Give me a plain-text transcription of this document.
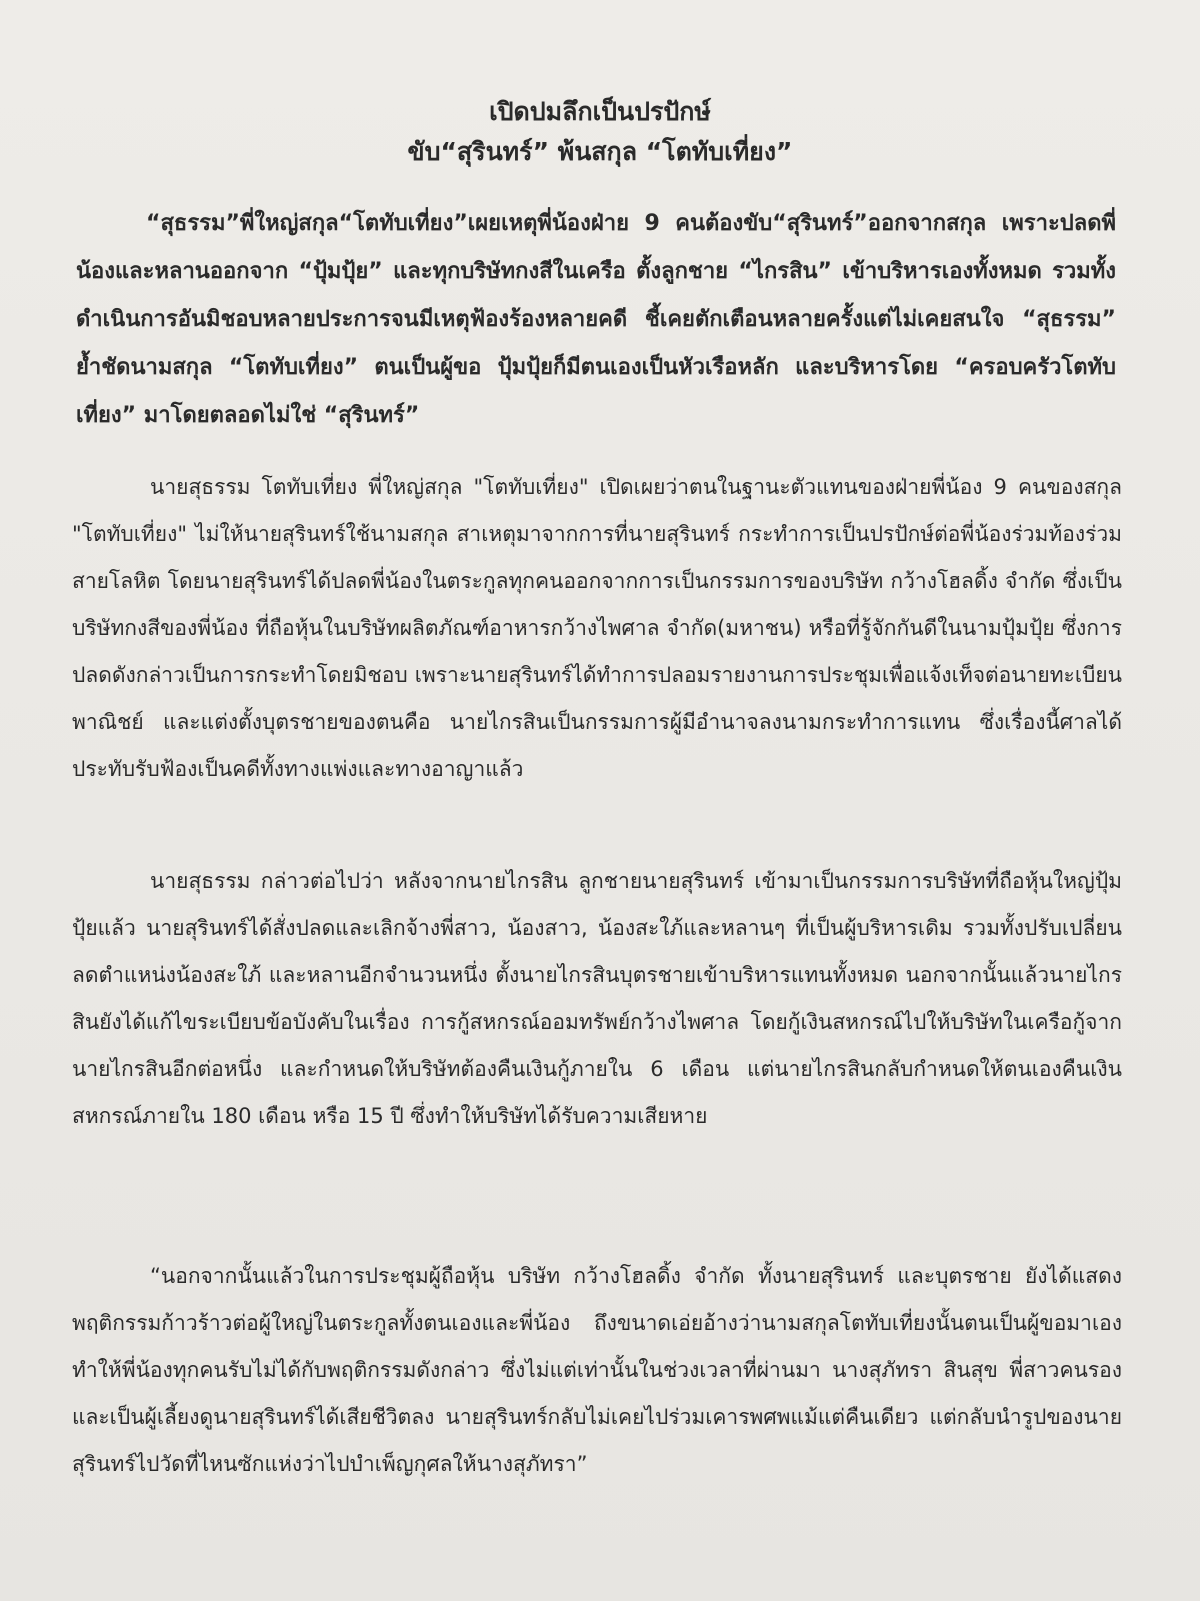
เปิดปมลึกเป็นปรปักษ์
ขับ“สุรินทร์” พ้นสกุล “โตทับเที่ยง”
“สุธรรม”พี่ใหญ่สกุล“โตทับเที่ยง”เผยเหตุพี่น้องฝ่าย 9 คนต้องขับ“สุรินทร์”ออกจากสกุล เพราะปลดพี่น้องและหลานออกจาก “ปุ้มปุ้ย” และทุกบริษัทกงสีในเครือ ตั้งลูกชาย “ไกรสิน” เข้าบริหารเองทั้งหมด รวมทั้งดำเนินการอันมิชอบหลายประการจนมีเหตุฟ้องร้องหลายคดี ชี้เคยตักเตือนหลายครั้งแต่ไม่เคยสนใจ “สุธรรม” ย้ำชัดนามสกุล “โตทับเที่ยง” ตนเป็นผู้ขอ ปุ้มปุ้ยก็มีตนเองเป็นหัวเรือหลัก และบริหารโดย “ครอบครัวโตทับเที่ยง” มาโดยตลอดไม่ใช่ “สุรินทร์”
นายสุธรรม โตทับเที่ยง พี่ใหญ่สกุล "โตทับเที่ยง" เปิดเผยว่าตนในฐานะตัวแทนของฝ่ายพี่น้อง 9 คนของสกุล "โตทับเที่ยง" ไม่ให้นายสุรินทร์ใช้นามสกุล สาเหตุมาจากการที่นายสุรินทร์ กระทำการเป็นปรปักษ์ต่อพี่น้องร่วมท้องร่วมสายโลหิต โดยนายสุรินทร์ได้ปลดพี่น้องในตระกูลทุกคนออกจากการเป็นกรรมการของบริษัท กว้างโฮลดิ้ง จำกัด ซึ่งเป็นบริษัทกงสีของพี่น้อง ที่ถือหุ้นในบริษัทผลิตภัณฑ์อาหารกว้างไพศาล จำกัด(มหาชน) หรือที่รู้จักกันดีในนามปุ้มปุ้ย ซึ่งการปลดดังกล่าวเป็นการกระทำโดยมิชอบ เพราะนายสุรินทร์ได้ทำการปลอมรายงานการประชุมเพื่อแจ้งเท็จต่อนายทะเบียนพาณิชย์ และแต่งตั้งบุตรชายของตนคือ นายไกรสินเป็นกรรมการผู้มีอำนาจลงนามกระทำการแทน ซึ่งเรื่องนี้ศาลได้ประทับรับฟ้องเป็นคดีทั้งทางแพ่งและทางอาญาแล้ว
นายสุธรรม กล่าวต่อไปว่า หลังจากนายไกรสิน ลูกชายนายสุรินทร์ เข้ามาเป็นกรรมการบริษัทที่ถือหุ้นใหญ่ปุ้มปุ้ยแล้ว นายสุรินทร์ได้สั่งปลดและเลิกจ้างพี่สาว, น้องสาว, น้องสะใภ้และหลานๆ ที่เป็นผู้บริหารเดิม รวมทั้งปรับเปลี่ยนลดตำแหน่งน้องสะใภ้ และหลานอีกจำนวนหนึ่ง ตั้งนายไกรสินบุตรชายเข้าบริหารแทนทั้งหมด นอกจากนั้นแล้วนายไกรสินยังได้แก้ไขระเบียบข้อบังคับในเรื่อง การกู้สหกรณ์ออมทรัพย์กว้างไพศาล โดยกู้เงินสหกรณ์ไปให้บริษัทในเครือกู้จากนายไกรสินอีกต่อหนึ่ง และกำหนดให้บริษัทต้องคืนเงินกู้ภายใน 6 เดือน แต่นายไกรสินกลับกำหนดให้ตนเองคืนเงินสหกรณ์ภายใน 180 เดือน หรือ 15 ปี ซึ่งทำให้บริษัทได้รับความเสียหาย
“นอกจากนั้นแล้วในการประชุมผู้ถือหุ้น บริษัท กว้างโฮลดิ้ง จำกัด ทั้งนายสุรินทร์ และบุตรชาย ยังได้แสดงพฤติกรรมก้าวร้าวต่อผู้ใหญ่ในตระกูลทั้งตนเองและพี่น้อง ถึงขนาดเอ่ยอ้างว่านามสกุลโตทับเที่ยงนั้นตนเป็นผู้ขอมาเอง ทำให้พี่น้องทุกคนรับไม่ได้กับพฤติกรรมดังกล่าว ซึ่งไม่แต่เท่านั้นในช่วงเวลาที่ผ่านมา นางสุภัทรา สินสุข พี่สาวคนรอง และเป็นผู้เลี้ยงดูนายสุรินทร์ได้เสียชีวิตลง นายสุรินทร์กลับไม่เคยไปร่วมเคารพศพแม้แต่คืนเดียว แต่กลับนำรูปของนายสุรินทร์ไปวัดที่ไหนซักแห่งว่าไปบำเพ็ญกุศลให้นางสุภัทรา”
